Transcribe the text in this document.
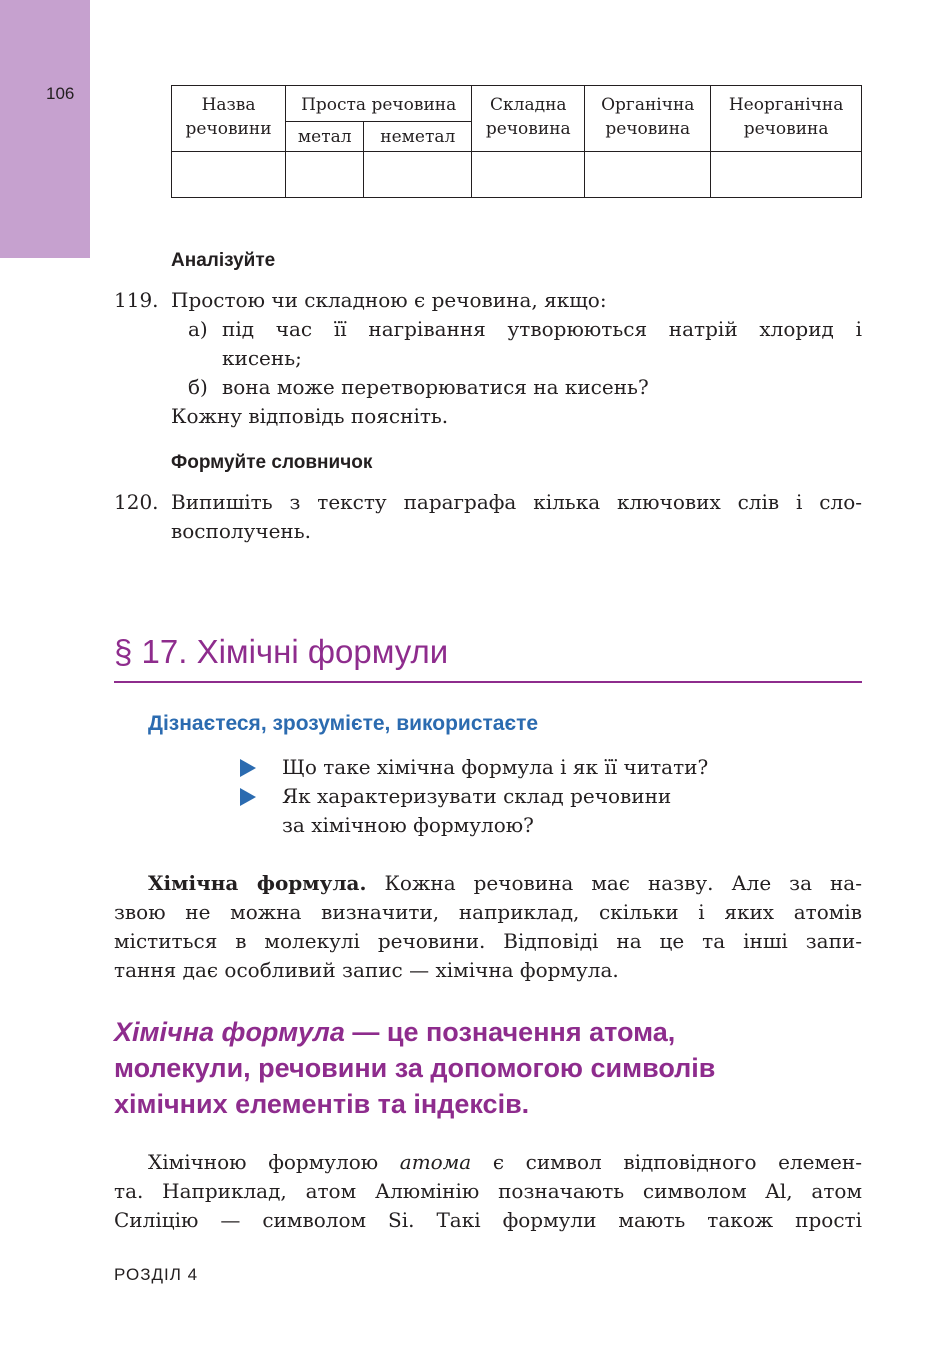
106
Назва речовини	Проста речовина		Складна речовина	Органічна речовина	Неорганічна речовина
	метал	неметал			

Аналізуйте
119. Простою чи складною є речовина, якщо:
а) під час її нагрівання утворюються натрій хлорид і
кисень;
б) вона може перетворюватися на кисень?
Кожну відповідь поясніть.
Формуйте словничок
120. Випишіть з тексту параграфа кілька ключових слів і сло-
восполучень.
§ 17. Хімічні формули
Дізнаєтеся, зрозумієте, використаєте
Що таке хімічна формула і як її читати?
Як характеризувати склад речовини
за хімічною формулою?
Хімічна формула. Кожна речовина має назву. Але за на-
звою не можна визначити, наприклад, скільки і яких атомів
міститься в молекулі речовини. Відповіді на це та інші запи-
тання дає особливий запис — хімічна формула.
Хімічна формула — це позначення атома,
молекули, речовини за допомогою символів
хімічних елементів та індексів.
Хімічною формулою атома є символ відповідного елемен-
та. Наприклад, атом Алюмінію позначають символом Al, атом
Силіцію — символом Si. Такі формули мають також прості
РОЗДІЛ 4
